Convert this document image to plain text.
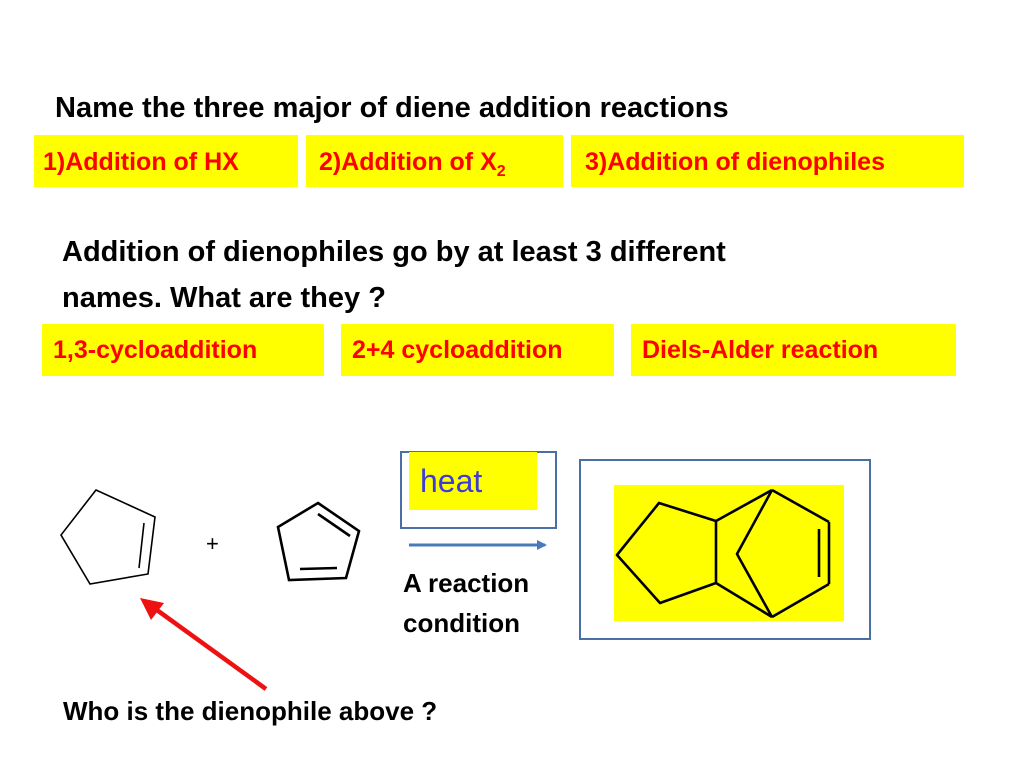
Name the three major of diene addition reactions
1)Addition of HX	2)Addition of $X_2$	3)Addition of dienophiles
Addition of dienophiles go by at least 3 different
names. What are they ?
1,3-cycloaddition	2+4 cycloaddition	Diels-Alder reaction
heat
+
A reaction
condition
Who is the dienophile above ?
